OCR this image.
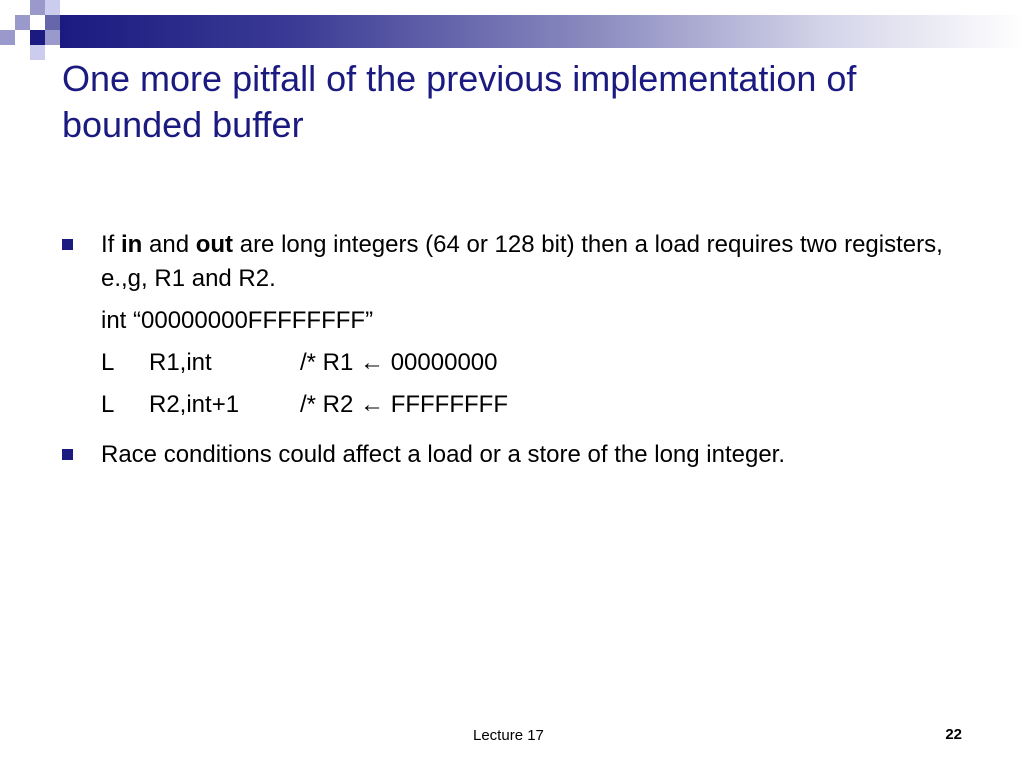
One more pitfall of the previous implementation of bounded buffer
If in and out are long integers (64 or 128 bit) then a load requires two registers, e.,g, R1 and R2.
int “00000000FFFFFFFF”
L	R1,int	/* R1 ← 00000000
L	R2,int+1	/* R2 ← FFFFFFFF
Race conditions could affect a load or a store of the long integer.
Lecture 17	22
